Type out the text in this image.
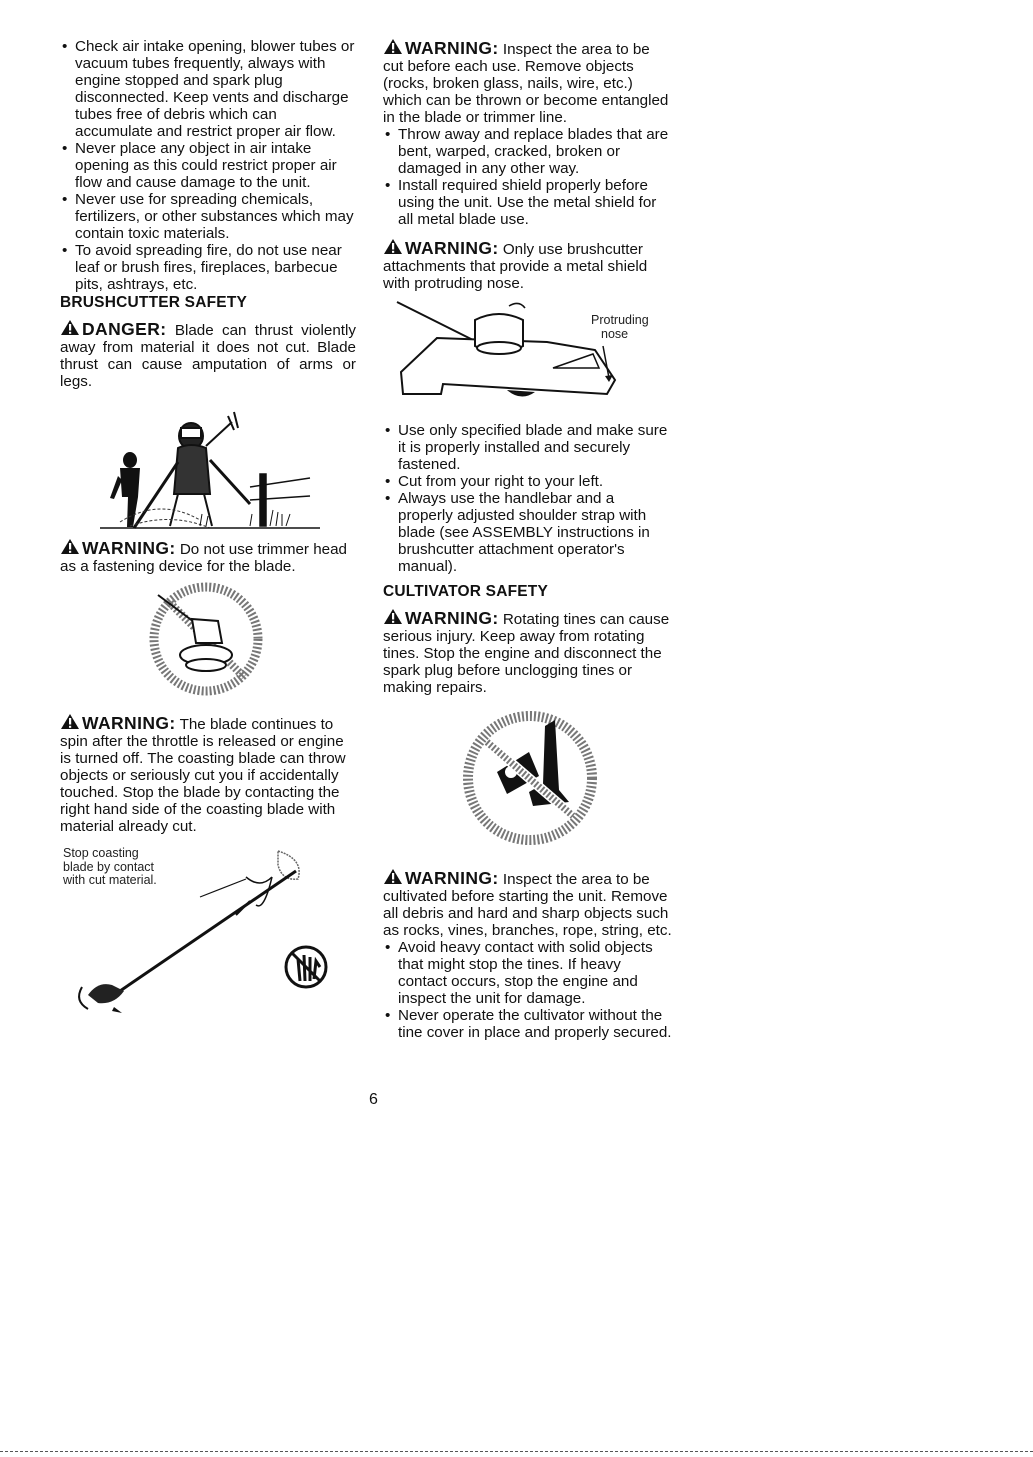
• Check air intake opening, blower tubes or vacuum tubes frequently, always with engine stopped and spark plug disconnected. Keep vents and discharge tubes free of debris which can accumulate and restrict proper air flow.
• Never place any object in air intake opening as this could restrict proper air flow and cause damage to the unit.
• Never use for spreading chemicals, fertilizers, or other substances which may contain toxic materials.
• To avoid spreading fire, do not use near leaf or brush fires, fireplaces, barbecue pits, ashtrays, etc.
BRUSHCUTTER SAFETY

DANGER: Blade can thrust violently away from material it does not cut. Blade thrust can cause amputation of arms or legs.

WARNING: Do not use trimmer head as a fastening device for the blade.

WARNING: The blade continues to spin after the throttle is released or engine is turned off. The coasting blade can throw objects or seriously cut you if accidentally touched. Stop the blade by contacting the right hand side of the coasting blade with material already cut.

Stop coasting
blade by contact
with cut material.

WARNING: Inspect the area to be cut before each use. Remove objects (rocks, broken glass, nails, wire, etc.) which can be thrown or become entangled in the blade or trimmer line.

• Throw away and replace blades that are bent, warped, cracked, broken or damaged in any other way.
• Install required shield properly before using the unit. Use the metal shield for all metal blade use.

WARNING: Only use brushcutter attachments that provide a metal shield with protruding nose.

Protruding
nose
• Use only specified blade and make sure it is properly installed and securely fastened.
• Cut from your right to your left.
• Always use the handlebar and a properly adjusted shoulder strap with blade (see ASSEMBLY instructions in brushcutter attachment operator's manual).
CULTIVATOR SAFETY

WARNING: Rotating tines can cause serious injury. Keep away from rotating tines. Stop the engine and disconnect the spark plug before unclogging tines or making repairs.

WARNING: Inspect the area to be cultivated before starting the unit. Remove all debris and hard and sharp objects such as rocks, vines, branches, rope, string, etc.

• Avoid heavy contact with solid objects that might stop the tines. If heavy contact occurs, stop the engine and inspect the unit for damage.
• Never operate the cultivator without the tine cover in place and properly secured.
6
